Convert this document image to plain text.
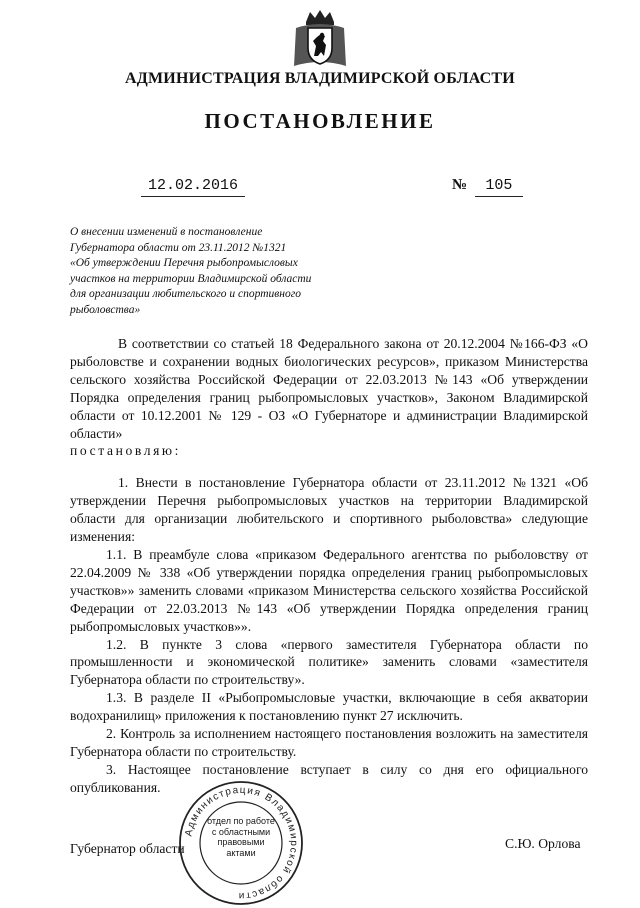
АДМИНИСТРАЦИЯ ВЛАДИМИРСКОЙ ОБЛАСТИ
ПОСТАНОВЛЕНИЕ
12.02.2016	№ 105
О внесении изменений в постановление
Губернатора области от 23.11.2012 №1321
«Об утверждении Перечня рыбопромысловых
участков на территории Владимирской области
для организации любительского и спортивного
рыболовства»

В соответствии со статьей 18 Федерального закона от 20.12.2004 №166-ФЗ «О рыболовстве и сохранении водных биологических ресурсов», приказом Министерства сельского хозяйства Российской Федерации от 22.03.2013 №143 «Об утверждении Порядка определения границ рыбопромысловых участков», Законом Владимирской области от 10.12.2001 № 129 - ОЗ «О Губернаторе и администрации Владимирской области»

постановляю:

1. Внести в постановление Губернатора области от 23.11.2012 №1321 «Об утверждении Перечня рыбопромысловых участков на территории Владимирской области для организации любительского и спортивного рыболовства» следующие изменения:

1.1. В преамбуле слова «приказом Федерального агентства по рыболовству от 22.04.2009 № 338 «Об утверждении порядка определения границ рыбопромысловых участков»» заменить словами «приказом Министерства сельского хозяйства Российской Федерации от 22.03.2013 №143 «Об утверждении Порядка определения границ рыбопромысловых участков»».

1.2. В пункте 3 слова «первого заместителя Губернатора области по промышленности и экономической политике» заменить словами «заместителя Губернатора области по строительству».

1.3. В разделе II «Рыбопромысловые участки, включающие в себя акватории водохранилищ» приложения к постановлению пункт 27 исключить.

2. Контроль за исполнением настоящего постановления возложить на заместителя Губернатора области по строительству.

3. Настоящее постановление вступает в силу со дня его официального опубликования.

Губернатор области	С.Ю. Орлова
Администрация Владимирской области
отдел по работе
с областными
правовыми
актами
